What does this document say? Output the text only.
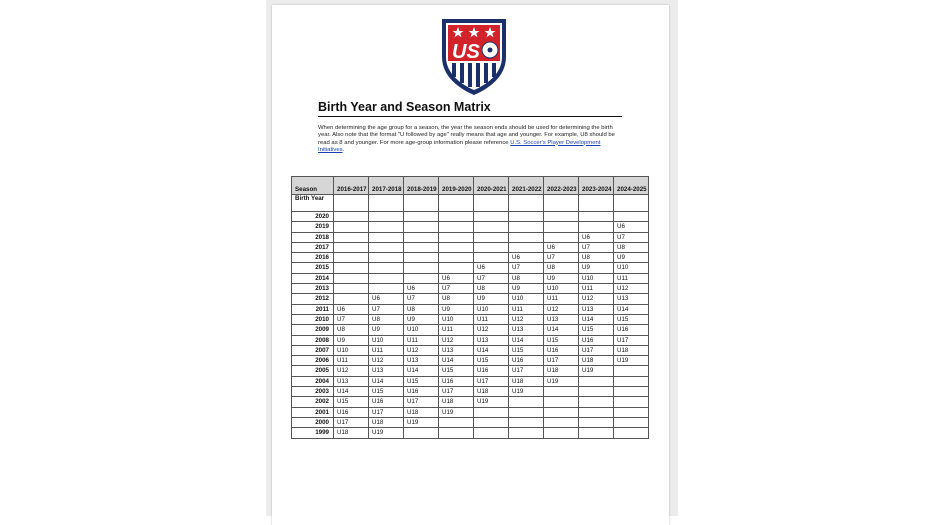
US
Birth Year and Season Matrix
When determining the age group for a season, the year the season ends should be used for determining the birth year. Also note that the format "U followed by age" really means that age and younger. For example, U8 should be read as 8 and younger. For more age-group information please reference U.S. Soccer's Player Development Initiatives.
Season	2016-2017	2017-2018	2018-2019	2019-2020	2020-2021	2021-2022	2022-2023	2023-2024	2024-2025
Birth Year									
2020									
2019									U6
2018								U6	U7
2017							U6	U7	U8
2016						U6	U7	U8	U9
2015					U6	U7	U8	U9	U10
2014				U6	U7	U8	U9	U10	U11
2013			U6	U7	U8	U9	U10	U11	U12
2012		U6	U7	U8	U9	U10	U11	U12	U13
2011	U6	U7	U8	U9	U10	U11	U12	U13	U14
2010	U7	U8	U9	U10	U11	U12	U13	U14	U15
2009	U8	U9	U10	U11	U12	U13	U14	U15	U16
2008	U9	U10	U11	U12	U13	U14	U15	U16	U17
2007	U10	U11	U12	U13	U14	U15	U16	U17	U18
2006	U11	U12	U13	U14	U15	U16	U17	U18	U19
2005	U12	U13	U14	U15	U16	U17	U18	U19	
2004	U13	U14	U15	U16	U17	U18	U19		
2003	U14	U15	U16	U17	U18	U19			
2002	U15	U16	U17	U18	U19				
2001	U16	U17	U18	U19					
2000	U17	U18	U19						
1999	U18	U19							
